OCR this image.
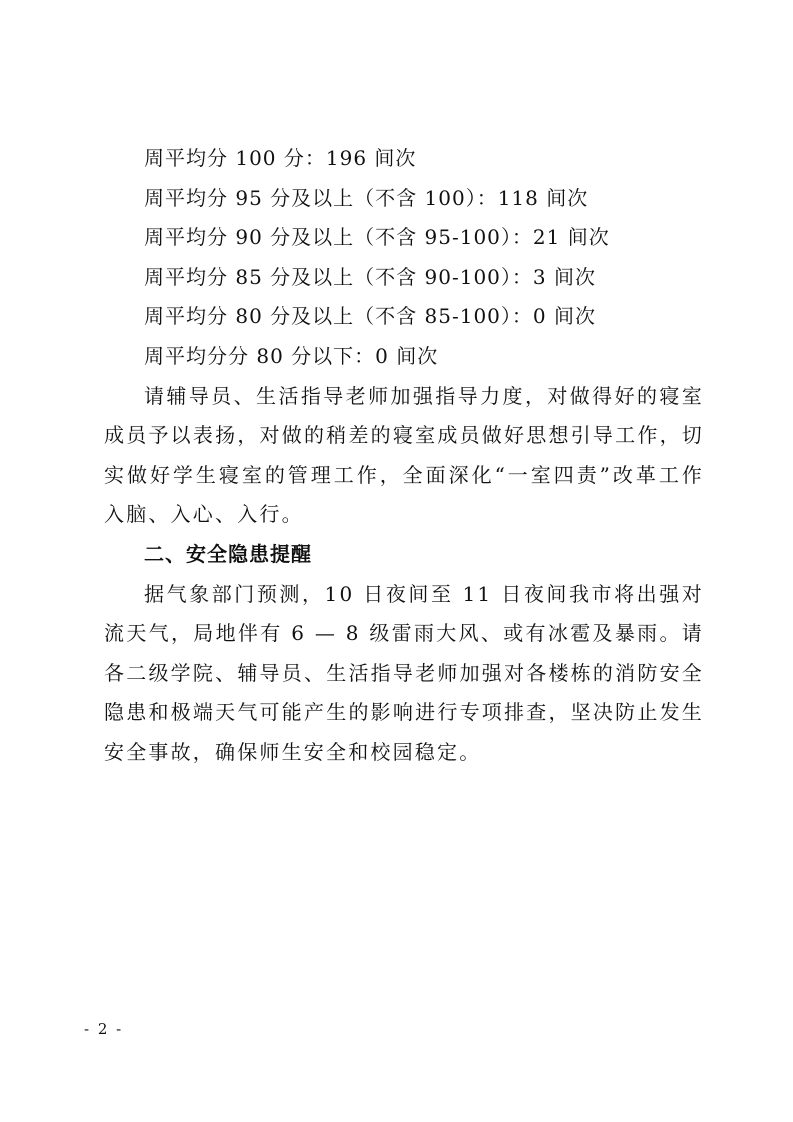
周平均分 100 分：196 间次
周平均分 95 分及以上（不含 100）：118 间次
周平均分 90 分及以上（不含 95-100）：21 间次
周平均分 85 分及以上（不含 90-100）：3 间次
周平均分 80 分及以上（不含 85-100）：0 间次
周平均分分 80 分以下：0 间次

请辅导员、生活指导老师加强指导力度，对做得好的寝室成员予以表扬，对做的稍差的寝室成员做好思想引导工作，切实做好学生寝室的管理工作，全面深化“一室四责”改革工作入脑、入心、入行。

二、安全隐患提醒

据气象部门预测，10 日夜间至 11 日夜间我市将出强对流天气，局地伴有 6 — 8 级雷雨大风、或有冰雹及暴雨。请各二级学院、辅导员、生活指导老师加强对各楼栋的消防安全隐患和极端天气可能产生的影响进行专项排查，坚决防止发生安全事故，确保师生安全和校园稳定。

- 2 -
